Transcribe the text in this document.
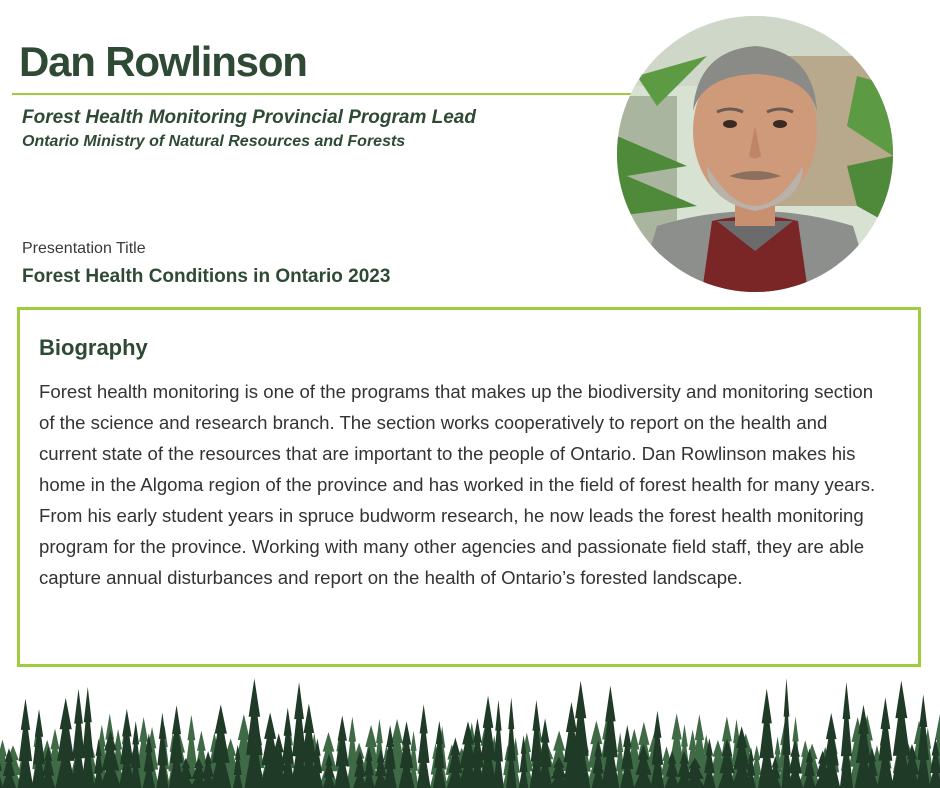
Dan Rowlinson

Forest Health Monitoring Provincial Program Lead

Ontario Ministry of Natural Resources and Forests

Presentation Title

Forest Health Conditions in Ontario 2023

Biography

Forest health monitoring is one of the programs that makes up the biodiversity and monitoring section of the science and research branch. The section works cooperatively to report on the health and current state of the resources that are important to the people of Ontario. Dan Rowlinson makes his home in the Algoma region of the province and has worked in the field of forest health for many years. From his early student years in spruce budworm research, he now leads the forest health monitoring program for the province. Working with many other agencies and passionate field staff, they are able capture annual disturbances and report on the health of Ontario’s forested landscape.
